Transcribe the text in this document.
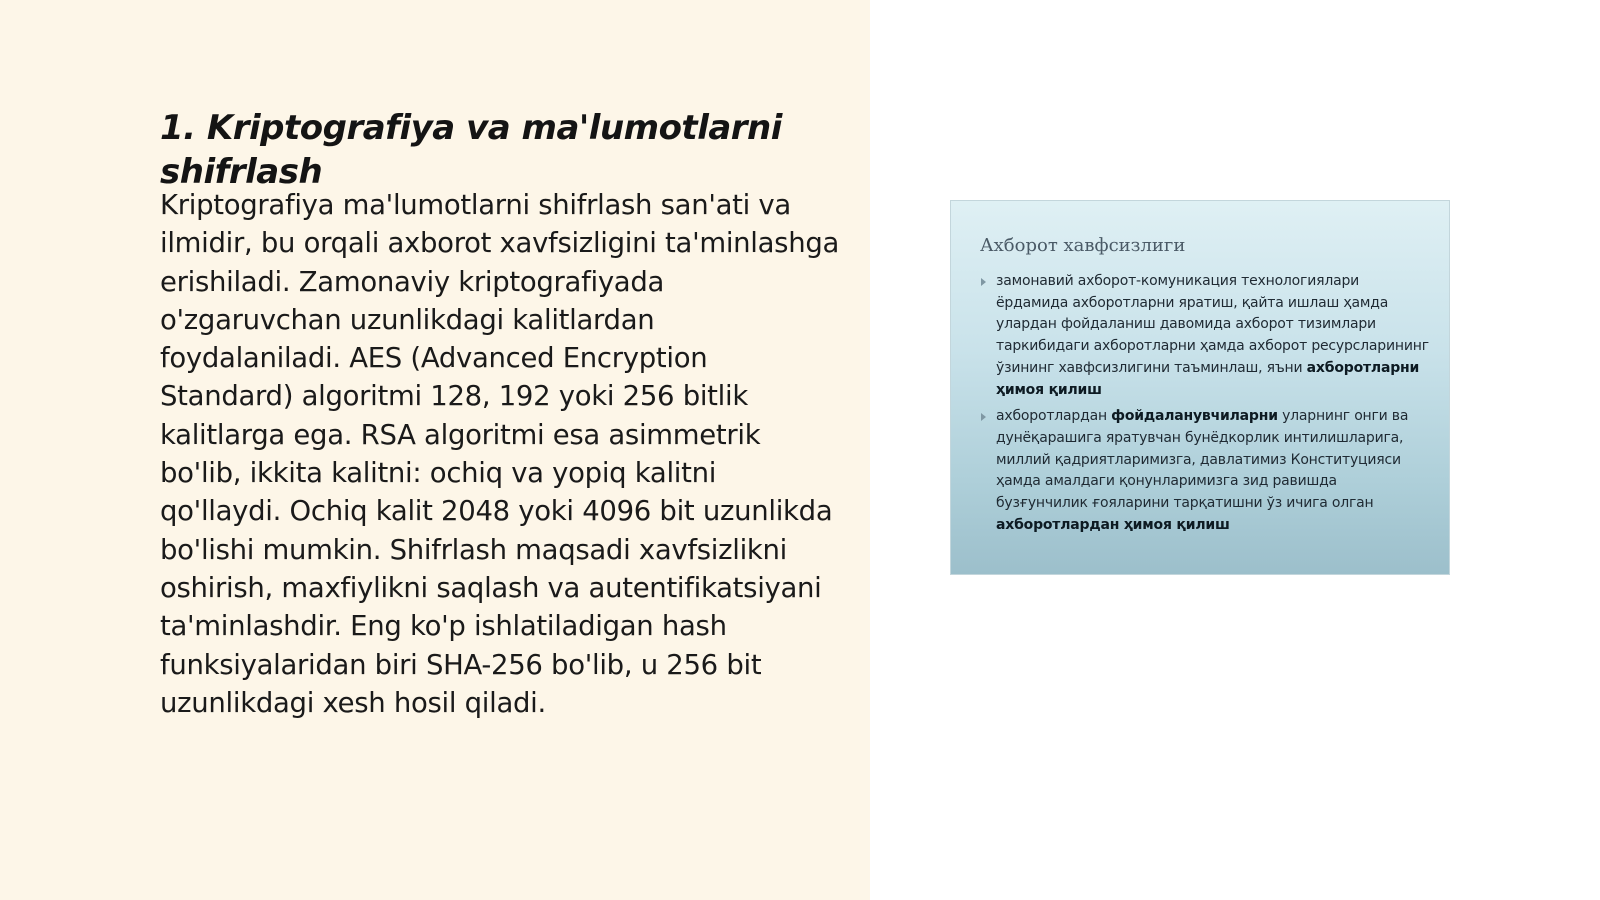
1. Kriptografiya va ma'lumotlarni shifrlash

Kriptografiya ma'lumotlarni shifrlash san'ati va ilmidir, bu orqali axborot xavfsizligini ta'minlashga erishiladi. Zamonaviy kriptografiyada o'zgaruvchan uzunlikdagi kalitlardan foydalaniladi. AES (Advanced Encryption Standard) algoritmi 128, 192 yoki 256 bitlik kalitlarga ega. RSA algoritmi esa asimmetrik bo'lib, ikkita kalitni: ochiq va yopiq kalitni qo'llaydi. Ochiq kalit 2048 yoki 4096 bit uzunlikda bo'lishi mumkin. Shifrlash maqsadi xavfsizlikni oshirish, maxfiylikni saqlash va autentifikatsiyani ta'minlashdir. Eng ko'p ishlatiladigan hash funksiyalaridan biri SHA-256 bo'lib, u 256 bit uzunlikdagi xesh hosil qiladi.

Ахборот хавфсизлиги

замонавий ахборот-комуникация технологиялари ёрдамида ахборотларни яратиш, қайта ишлаш ҳамда улардан фойдаланиш давомида ахборот тизимлари таркибидаги ахборотларни ҳамда ахборот ресурсларининг ўзининг хавфсизлигини таъминлаш, яъни ахборотларни ҳимоя қилиш
ахборотлардан фойдаланувчиларни уларнинг онги ва дунёқарашига яратувчан бунёдкорлик интилишларига, миллий қадриятларимизга, давлатимиз Конституцияси ҳамда амалдаги қонунларимизга зид равишда бузғунчилик ғояларини тарқатишни ўз ичига олган ахборотлардан ҳимоя қилиш
